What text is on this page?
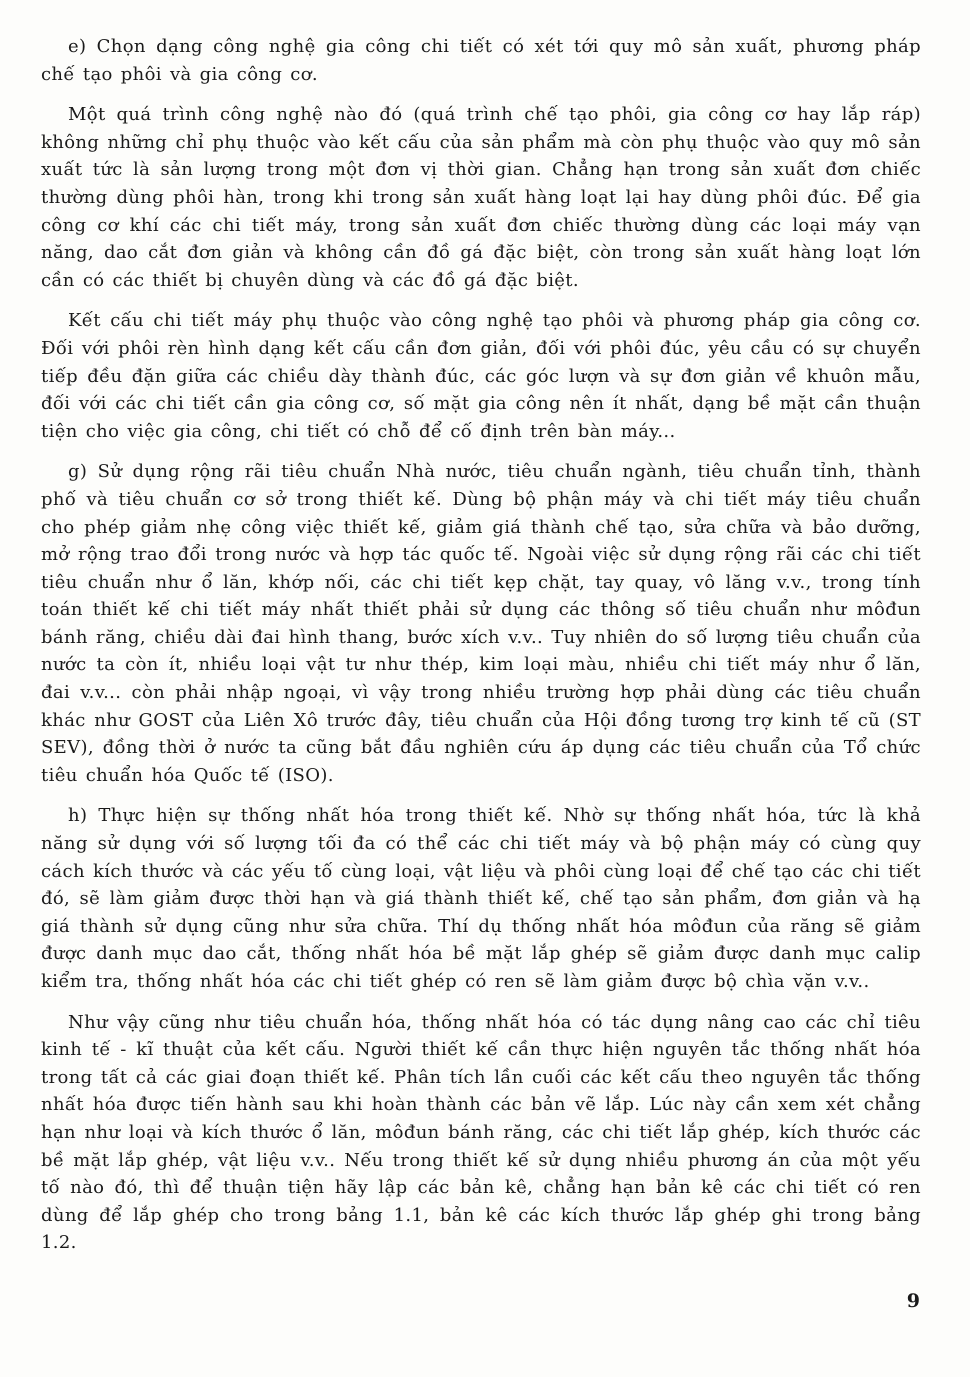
e) Chọn dạng công nghệ gia công chi tiết có xét tới quy mô sản xuất, phương pháp chế tạo phôi và gia công cơ.

Một quá trình công nghệ nào đó (quá trình chế tạo phôi, gia công cơ hay lắp ráp) không những chỉ phụ thuộc vào kết cấu của sản phẩm mà còn phụ thuộc vào quy mô sản xuất tức là sản lượng trong một đơn vị thời gian. Chẳng hạn trong sản xuất đơn chiếc thường dùng phôi hàn, trong khi trong sản xuất hàng loạt lại hay dùng phôi đúc. Để gia công cơ khí các chi tiết máy, trong sản xuất đơn chiếc thường dùng các loại máy vạn năng, dao cắt đơn giản và không cần đồ gá đặc biệt, còn trong sản xuất hàng loạt lớn cần có các thiết bị chuyên dùng và các đồ gá đặc biệt.

Kết cấu chi tiết máy phụ thuộc vào công nghệ tạo phôi và phương pháp gia công cơ. Đối với phôi rèn hình dạng kết cấu cần đơn giản, đối với phôi đúc, yêu cầu có sự chuyển tiếp đều đặn giữa các chiều dày thành đúc, các góc lượn và sự đơn giản về khuôn mẫu, đối với các chi tiết cần gia công cơ, số mặt gia công nên ít nhất, dạng bề mặt cần thuận tiện cho việc gia công, chi tiết có chỗ để cố định trên bàn máy...

g) Sử dụng rộng rãi tiêu chuẩn Nhà nước, tiêu chuẩn ngành, tiêu chuẩn tỉnh, thành phố và tiêu chuẩn cơ sở trong thiết kế. Dùng bộ phận máy và chi tiết máy tiêu chuẩn cho phép giảm nhẹ công việc thiết kế, giảm giá thành chế tạo, sửa chữa và bảo dưỡng, mở rộng trao đổi trong nước và hợp tác quốc tế. Ngoài việc sử dụng rộng rãi các chi tiết tiêu chuẩn như ổ lăn, khớp nối, các chi tiết kẹp chặt, tay quay, vô lăng v.v., trong tính toán thiết kế chi tiết máy nhất thiết phải sử dụng các thông số tiêu chuẩn như môđun bánh răng, chiều dài đai hình thang, bước xích v.v.. Tuy nhiên do số lượng tiêu chuẩn của nước ta còn ít, nhiều loại vật tư như thép, kim loại màu, nhiều chi tiết máy như ổ lăn, đai v.v... còn phải nhập ngoại, vì vậy trong nhiều trường hợp phải dùng các tiêu chuẩn khác như GOST của Liên Xô trước đây, tiêu chuẩn của Hội đồng tương trợ kinh tế cũ (ST SEV), đồng thời ở nước ta cũng bắt đầu nghiên cứu áp dụng các tiêu chuẩn của Tổ chức tiêu chuẩn hóa Quốc tế (ISO).

h) Thực hiện sự thống nhất hóa trong thiết kế. Nhờ sự thống nhất hóa, tức là khả năng sử dụng với số lượng tối đa có thể các chi tiết máy và bộ phận máy có cùng quy cách kích thước và các yếu tố cùng loại, vật liệu và phôi cùng loại để chế tạo các chi tiết đó, sẽ làm giảm được thời hạn và giá thành thiết kế, chế tạo sản phẩm, đơn giản và hạ giá thành sử dụng cũng như sửa chữa. Thí dụ thống nhất hóa môđun của răng sẽ giảm được danh mục dao cắt, thống nhất hóa bề mặt lắp ghép sẽ giảm được danh mục calip kiểm tra, thống nhất hóa các chi tiết ghép có ren sẽ làm giảm được bộ chìa vặn v.v..

Như vậy cũng như tiêu chuẩn hóa, thống nhất hóa có tác dụng nâng cao các chỉ tiêu kinh tế - kĩ thuật của kết cấu. Người thiết kế cần thực hiện nguyên tắc thống nhất hóa trong tất cả các giai đoạn thiết kế. Phân tích lần cuối các kết cấu theo nguyên tắc thống nhất hóa được tiến hành sau khi hoàn thành các bản vẽ lắp. Lúc này cần xem xét chẳng hạn như loại và kích thước ổ lăn, môđun bánh răng, các chi tiết lắp ghép, kích thước các bề mặt lắp ghép, vật liệu v.v.. Nếu trong thiết kế sử dụng nhiều phương án của một yếu tố nào đó, thì để thuận tiện hãy lập các bản kê, chẳng hạn bản kê các chi tiết có ren dùng để lắp ghép cho trong bảng 1.1, bản kê các kích thước lắp ghép ghi trong bảng 1.2.

9
